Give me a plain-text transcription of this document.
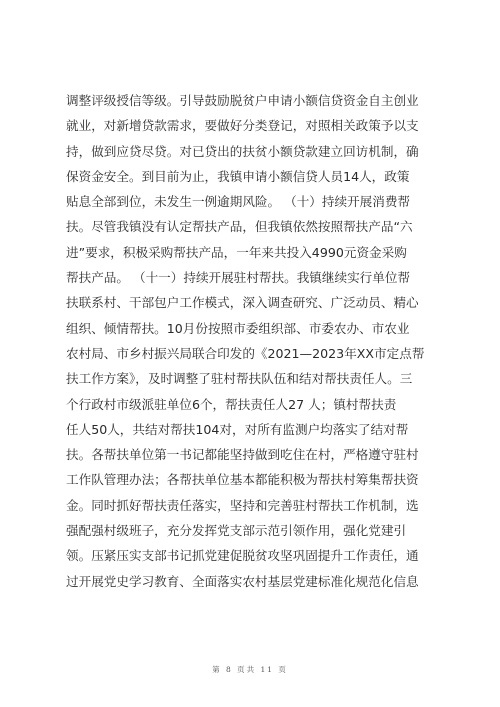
调整评级授信等级。引导鼓励脱贫户申请小额信贷资金自主创业
就业，对新增贷款需求，要做好分类登记，对照相关政策予以支
持，做到应贷尽贷。对已贷出的扶贫小额贷款建立回访机制，确
保资金安全。到目前为止，我镇申请小额信贷人员14人，政策
贴息全部到位，未发生一例逾期风险。 （十）持续开展消费帮
扶。尽管我镇没有认定帮扶产品，但我镇依然按照帮扶产品“六
进”要求，积极采购帮扶产品，一年来共投入4990元资金采购
帮扶产品。 （十一）持续开展驻村帮扶。我镇继续实行单位帮
扶联系村、干部包户工作模式，深入调查研究、广泛动员、精心
组织、倾情帮扶。10月份按照市委组织部、市委农办、市农业
农村局、市乡村振兴局联合印发的《2021—2023年XX市定点帮
扶工作方案》，及时调整了驻村帮扶队伍和结对帮扶责任人。三
个行政村市级派驻单位6个，帮扶责任人27 人；镇村帮扶责
任人50人，共结对帮扶104对，对所有监测户均落实了结对帮
扶。各帮扶单位第一书记都能坚持做到吃住在村，严格遵守驻村
工作队管理办法；各帮扶单位基本都能积极为帮扶村筹集帮扶资
金。同时抓好帮扶责任落实，坚持和完善驻村帮扶工作机制，选
强配强村级班子，充分发挥党支部示范引领作用，强化党建引
领。压紧压实支部书记抓党建促脱贫攻坚巩固提升工作责任，通
过开展党史学习教育、全面落实农村基层党建标准化规范化信息
第 8 页共 11 页
